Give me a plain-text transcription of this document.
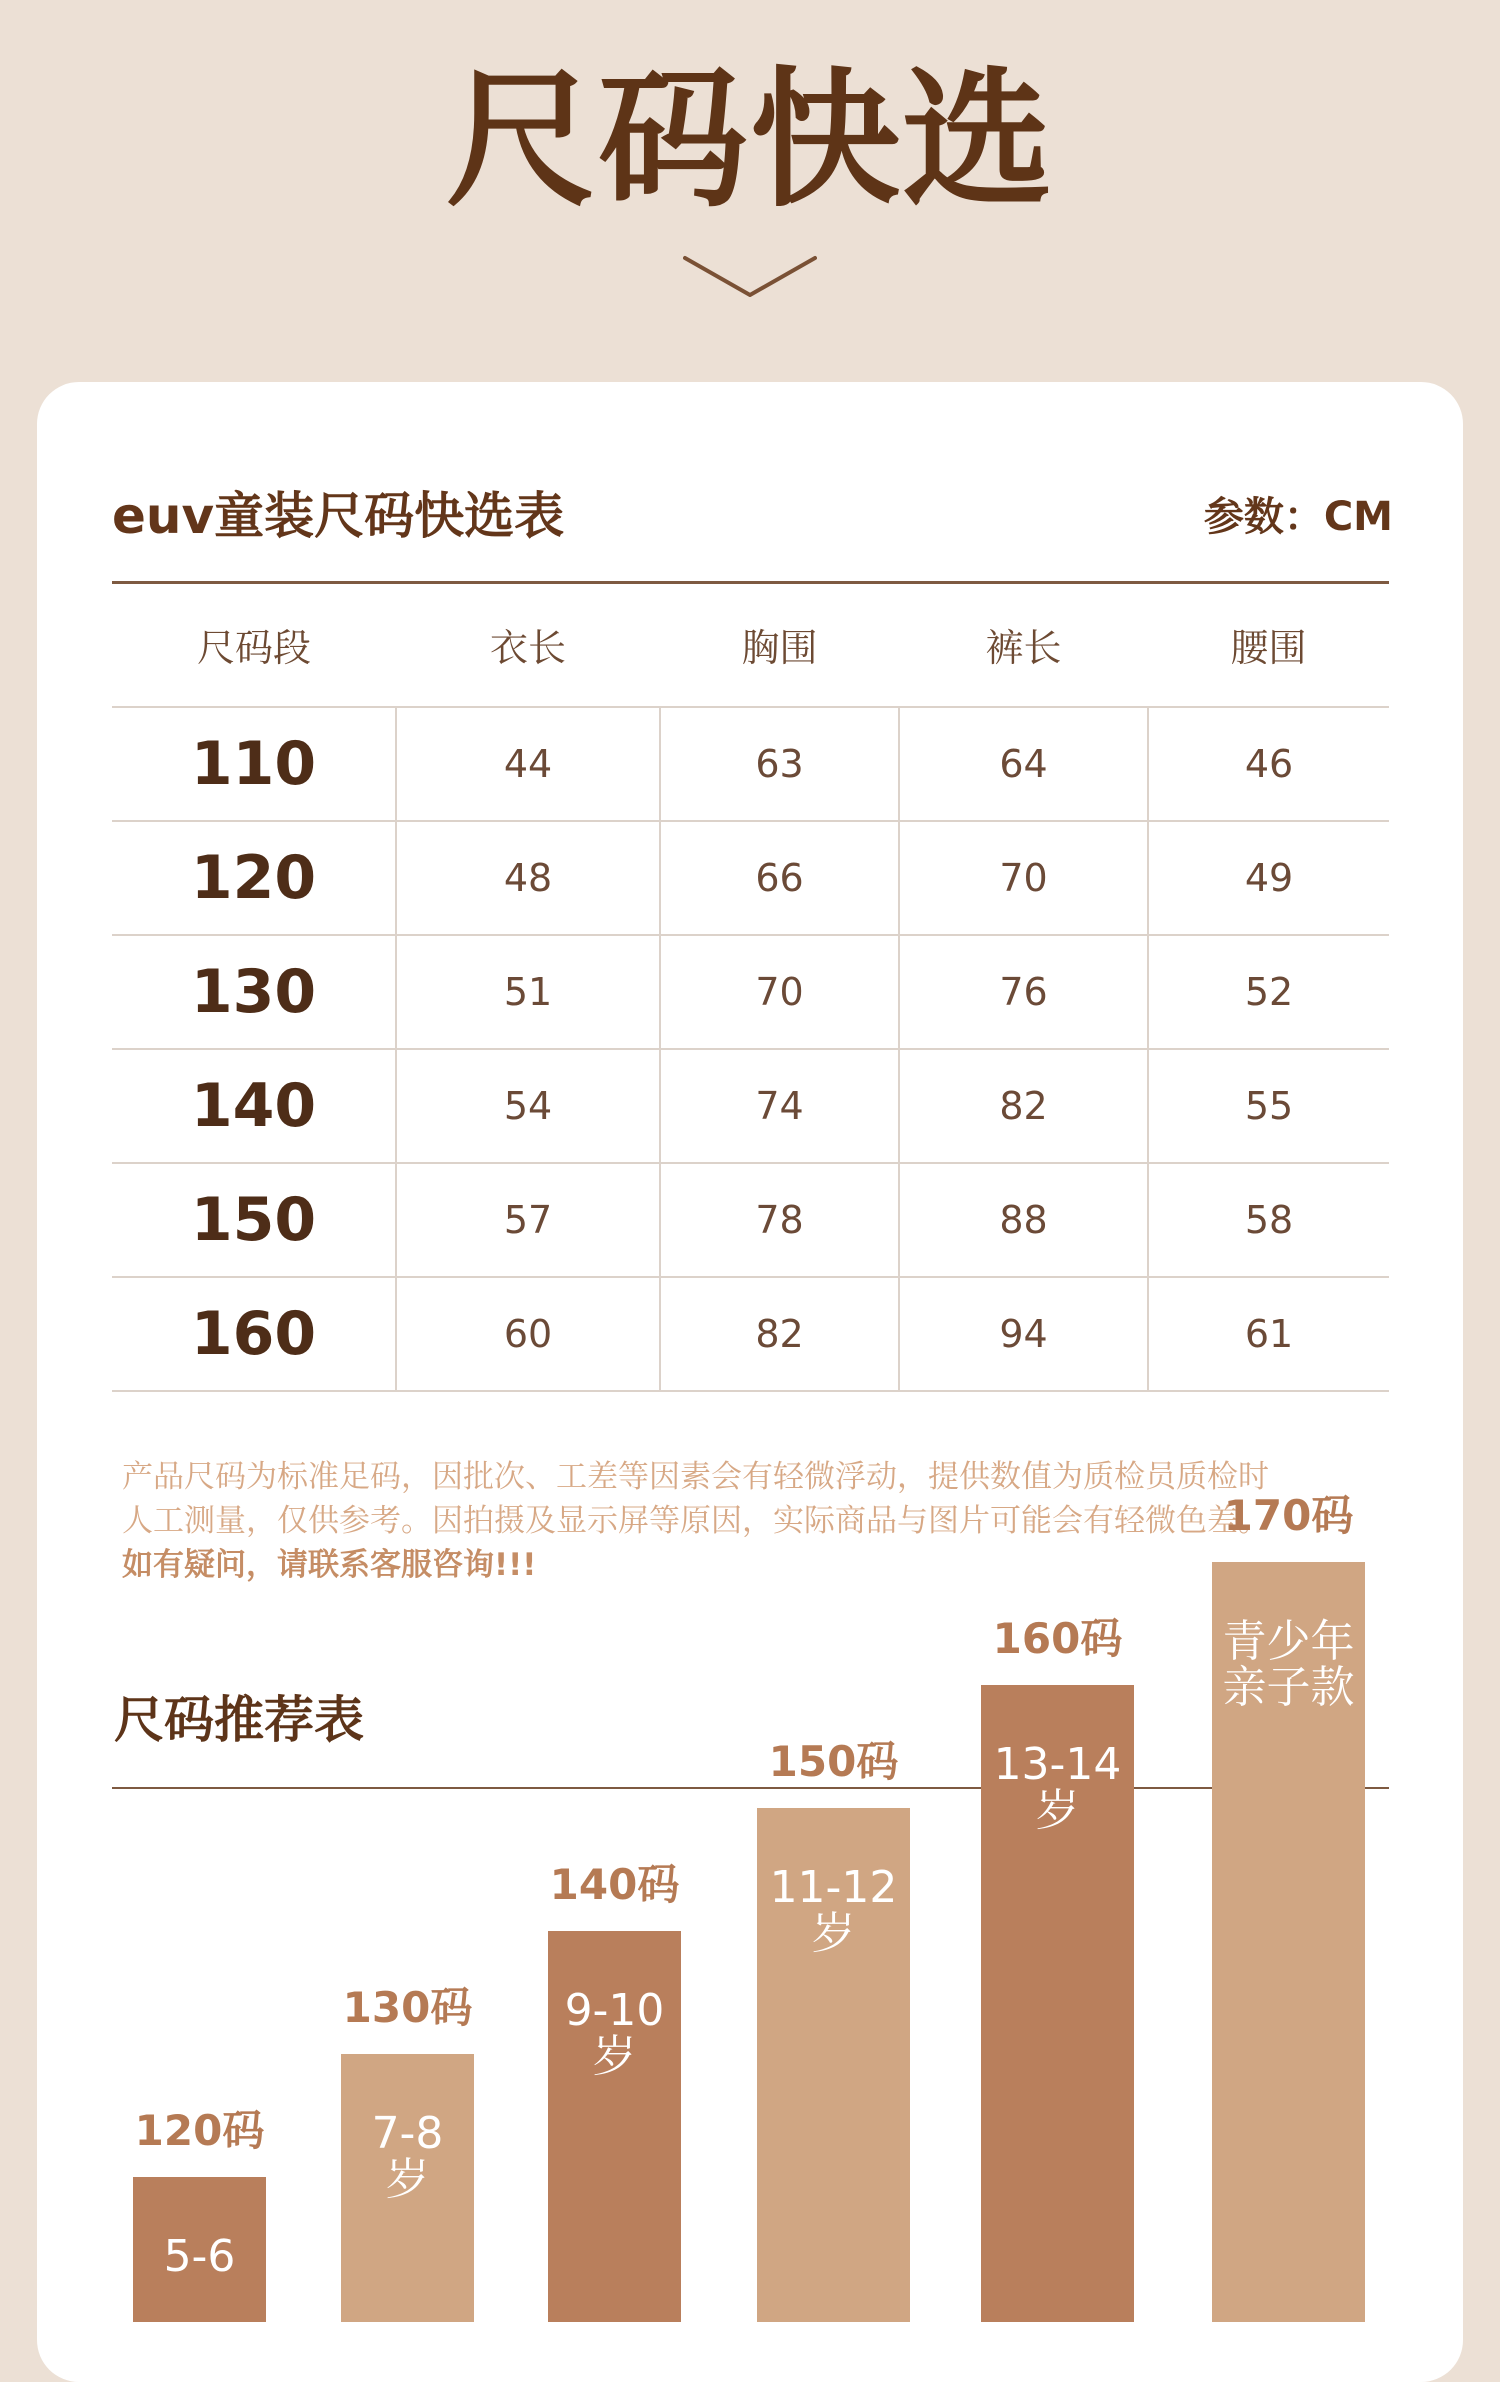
尺码快选
euv童装尺码快选表	参数：CM
尺码段	衣长	胸围	裤长	腰围
110	44	63	64	46
120	48	66	70	49
130	51	70	76	52
140	54	74	82	55
150	57	78	88	58
160	60	82	94	61
产品尺码为标准足码，因批次、工差等因素会有轻微浮动，提供数值为质检员质检时
人工测量，仅供参考。因拍摄及显示屏等原因，实际商品与图片可能会有轻微色差。
如有疑问，请联系客服咨询!!!
尺码推荐表
120码
5-6
130码
7-8
岁
140码
9-10
岁
150码
11-12
岁
160码
13-14
岁
170码
青少年
亲子款
